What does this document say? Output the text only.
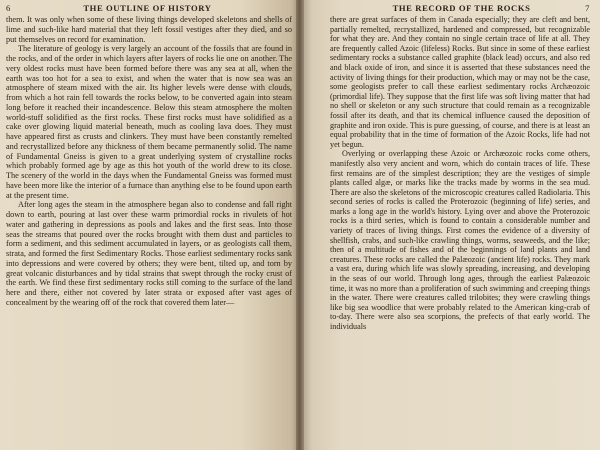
6	THE OUTLINE OF HISTORY

them. It was only when some of these living things developed skeletons and shells of lime and such-like hard material that they left fossil vestiges after they died, and so put themselves on record for examination.

The literature of geology is very largely an account of the fossils that are found in the rocks, and of the order in which layers after layers of rocks lie one on another. The very oldest rocks must have been formed before there was any sea at all, when the earth was too hot for a sea to exist, and when the water that is now sea was an atmosphere of steam mixed with the air. Its higher levels were dense with clouds, from which a hot rain fell towards the rocks below, to be converted again into steam long before it reached their incandescence. Below this steam atmosphere the molten world-stuff solidified as the first rocks. These first rocks must have solidified as a cake over glowing liquid material beneath, much as cooling lava does. They must have appeared first as crusts and clinkers. They must have been constantly remelted and recrystallized before any thickness of them became permanently solid. The name of Fundamental Gneiss is given to a great underlying system of crystalline rocks which probably formed age by age as this hot youth of the world drew to its close. The scenery of the world in the days when the Fundamental Gneiss was formed must have been more like the interior of a furnace than anything else to be found upon earth at the present time.

After long ages the steam in the atmosphere began also to condense and fall right down to earth, pouring at last over these warm primordial rocks in rivulets of hot water and gathering in depressions as pools and lakes and the first seas. Into those seas the streams that poured over the rocks brought with them dust and particles to form a sediment, and this sediment accumulated in layers, or as geologists call them, strata, and formed the first Sedimentary Rocks. Those earliest sedimentary rocks sank into depressions and were covered by others; they were bent, tilted up, and torn by great volcanic disturbances and by tidal strains that swept through the rocky crust of the earth. We find these first sedimentary rocks still coming to the surface of the land here and there, either not covered by later strata or exposed after vast ages of concealment by the wearing off of the rock that covered them later—

THE RECORD OF THE ROCKS	7

there are great surfaces of them in Canada especially; they are cleft and bent, partially remelted, recrystallized, hardened and compressed, but recognizable for what they are. And they contain no single certain trace of life at all. They are frequently called Azoic (lifeless) Rocks. But since in some of these earliest sedimentary rocks a substance called graphite (black lead) occurs, and also red and black oxide of iron, and since it is asserted that these substances need the activity of living things for their production, which may or may not be the case, some geologists prefer to call these earliest sedimentary rocks Archæozoic (primordial life). They suppose that the first life was soft living matter that had no shell or skeleton or any such structure that could remain as a recognizable fossil after its death, and that its chemical influence caused the deposition of graphite and iron oxide. This is pure guessing, of course, and there is at least an equal probability that in the time of formation of the Azoic Rocks, life had not yet begun.

Overlying or overlapping these Azoic or Archæozoic rocks come others, manifestly also very ancient and worn, which do contain traces of life. These first remains are of the simplest description; they are the vestiges of simple plants called algæ, or marks like the tracks made by worms in the sea mud. There are also the skeletons of the microscopic creatures called Radiolaria. This second series of rocks is called the Proterozoic (beginning of life) series, and marks a long age in the world's history. Lying over and above the Proterozoic rocks is a third series, which is found to contain a considerable number and variety of traces of living things. First comes the evidence of a diversity of shellfish, crabs, and such-like crawling things, worms, seaweeds, and the like; then of a multitude of fishes and of the beginnings of land plants and land creatures. These rocks are called the Palæozoic (ancient life) rocks. They mark a vast era, during which life was slowly spreading, increasing, and developing in the seas of our world. Through long ages, through the earliest Palæozoic time, it was no more than a proliferation of such swimming and creeping things in the water. There were creatures called trilobites; they were crawling things like big sea woodlice that were probably related to the American king-crab of to-day. There were also sea scorpions, the prefects of that early world. The individuals
